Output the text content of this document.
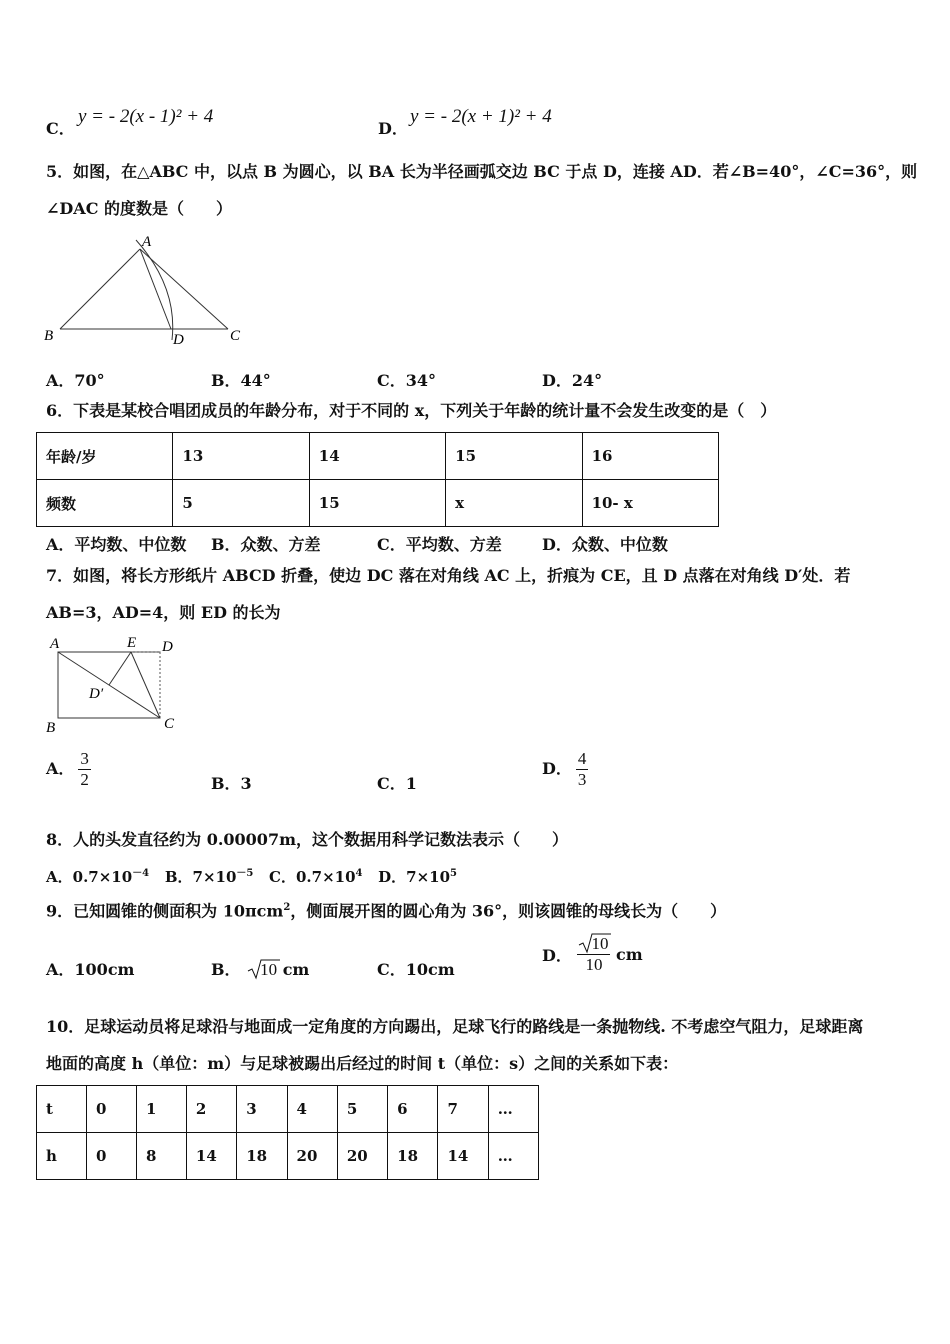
C．
y = - 2(x - 1)² + 4
D．
y = - 2(x + 1)² + 4
5．如图，在△ABC 中，以点 B 为圆心，以 BA 长为半径画弧交边 BC 于点 D，连接 AD．若∠B=40°，∠C=36°，则
∠DAC 的度数是（　　）
A
B	C
D
A．70°	B．44°	C．34°	D．24°
6．下表是某校合唱团成员的年龄分布，对于不同的 x，下列关于年龄的统计量不会发生改变的是（　）
年龄/岁	13	14	15	16
频数	5	15	x	10- x
A．平均数、中位数 B．众数、方差	C．平均数、方差	D．众数、中位数
7．如图，将长方形纸片 ABCD 折叠，使边 DC 落在对角线 AC 上，折痕为 CE，且 D 点落在对角线 D′处．若
AB=3，AD=4，则 ED 的长为
A	E D
D′
B	C
A． $\frac{3}{2}$	B．3	C．1
D． $\frac{4}{3}$
8．人的头发直径约为 0.00007m，这个数据用科学记数法表示（　　）
A．$0.7\times 10^{-4}$ B．$7\times 10^{-5}$ C．$0.7\times 10^4$ D．$7\times 10^5$
9．已知圆锥的侧面积为 10πcm$^2$，侧面展开图的圆心角为 36°，则该圆锥的母线长为（　　）
A．100cm	B． 10 cm	C．10cm
D． $\frac{10}{10}$ cm
10．足球运动员将足球沿与地面成一定角度的方向踢出，足球飞行的路线是一条抛物线. 不考虑空气阻力，足球距离
地面的高度 h（单位：m）与足球被踢出后经过的时间 t（单位：s）之间的关系如下表：
t	0	1	2	3	4	5	6	7	…
h	0	8	14	18	20	20	18	14	…
